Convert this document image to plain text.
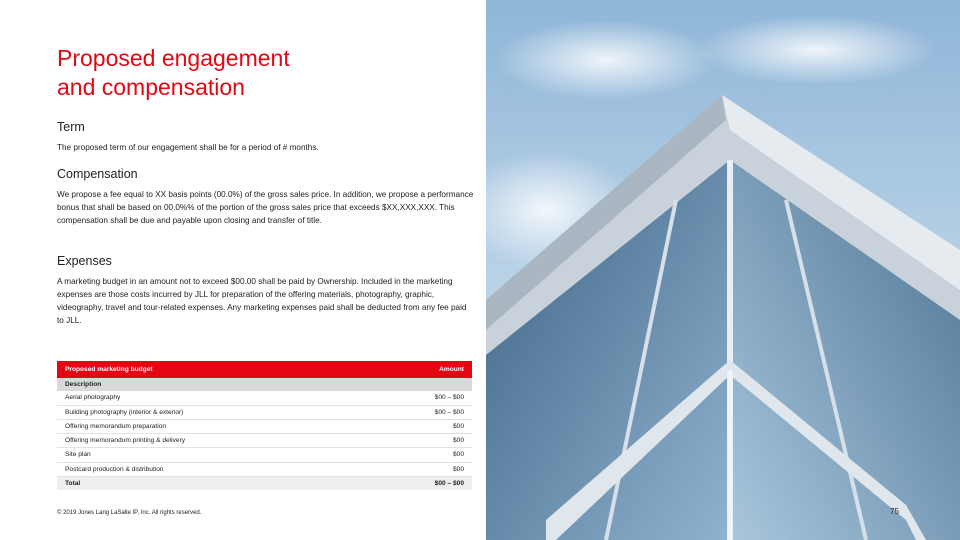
Proposed engagement
and compensation
Term

The proposed term of our engagement shall be for a period of # months.

Compensation

We propose a fee equal to XX basis points (00.0%) of the gross sales price. In addition, we propose a performance bonus that shall be based on 00.0%% of the portion of the gross sales price that exceeds $XX,XXX,XXX. This compensation shall be due and payable upon closing and transfer of title.

Expenses

A marketing budget in an amount not to exceed $00.00 shall be paid by Ownership. Included in the marketing expenses are those costs incurred by JLL for preparation of the offering materials, photography, graphic, videography, travel and tour-related expenses. Any marketing expenses paid shall be deducted from any fee paid to JLL.

Proposed marketing budget	Amount
Description	
Aerial photography	$00 – $00
Building photography (interior & exterior)	$00 – $00
Offering memorandum preparation	$00
Offering memorandum printing & delivery	$00
Site plan	$00
Postcard production & distribution	$00
Total	$00 – $00
© 2019 Jones Lang LaSalle IP, Inc. All rights reserved.	75
